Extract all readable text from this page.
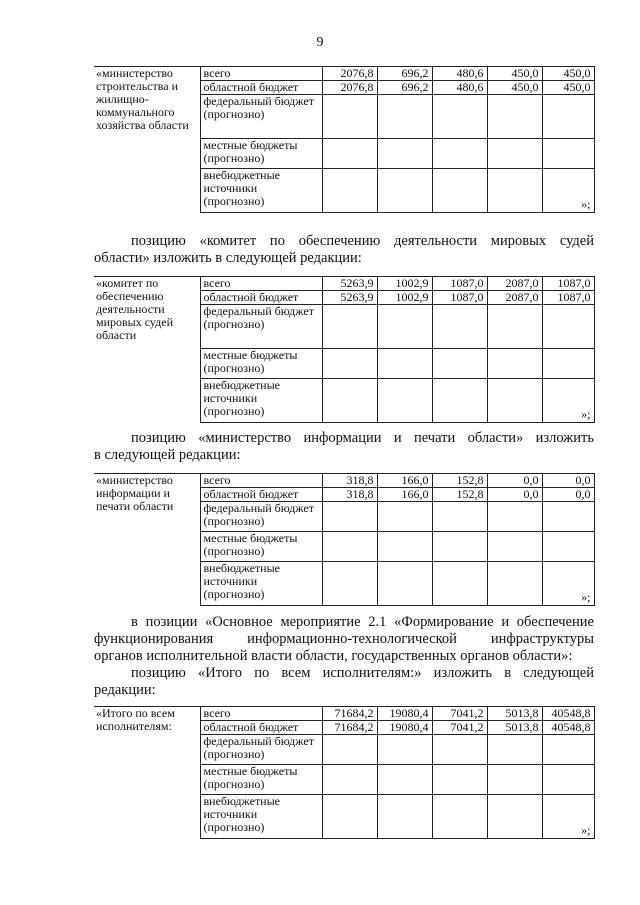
9
«министерство строительства и жилищно-коммунального хозяйства области	всего	2076,8	696,2	480,6	450,0	450,0
	областной бюджет	2076,8	696,2	480,6	450,0	450,0
	федеральный бюджет (прогнозно)					
	местные бюджеты (прогнозно)					
	внебюджетные источники (прогнозно)					»;
позицию «комитет по обеспечению деятельности мировых судей
области» изложить в следующей редакции:
«комитет по обеспечению деятельности мировых судей области	всего	5263,9	1002,9	1087,0	2087,0	1087,0
	областной бюджет	5263,9	1002,9	1087,0	2087,0	1087,0
	федеральный бюджет (прогнозно)					
	местные бюджеты (прогнозно)					
	внебюджетные источники (прогнозно)					»;
позицию «министерство информации и печати области» изложить
в следующей редакции:
«министерство информации и печати области	всего	318,8	166,0	152,8	0,0	0,0
	областной бюджет	318,8	166,0	152,8	0,0	0,0
	федеральный бюджет (прогнозно)					
	местные бюджеты (прогнозно)					
	внебюджетные источники (прогнозно)					»;
в позиции «Основное мероприятие 2.1 «Формирование и обеспечение
функционирования информационно-технологической инфраструктуры
органов исполнительной власти области, государственных органов области»:
позицию «Итого по всем исполнителям:» изложить в следующей
редакции:
«Итого по всем исполнителям:	всего	71684,2	19080,4	7041,2	5013,8	40548,8
	областной бюджет	71684,2	19080,4	7041,2	5013,8	40548,8
	федеральный бюджет (прогнозно)					
	местные бюджеты (прогнозно)					
	внебюджетные источники (прогнозно)					»;
